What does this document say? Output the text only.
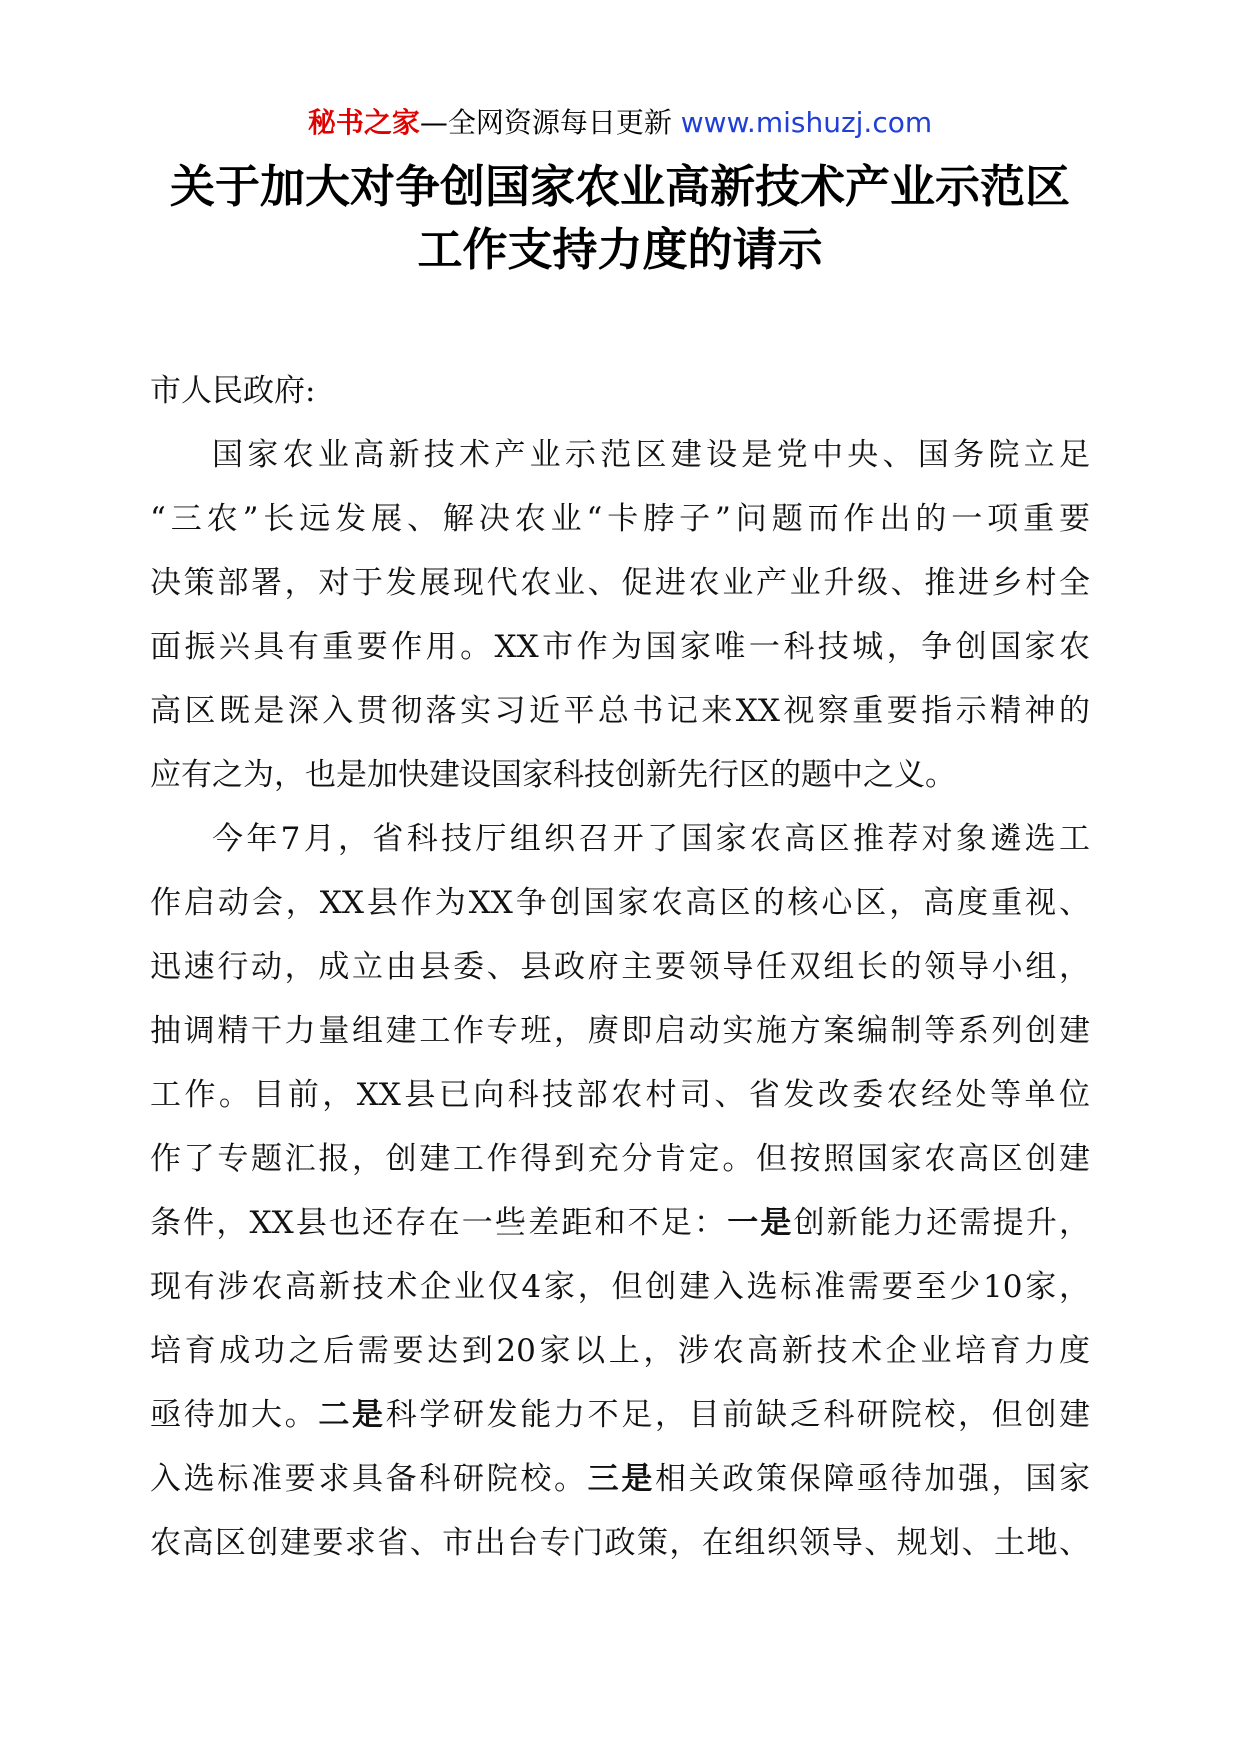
秘书之家—全网资源每日更新 www.mishuzj.com
关于加大对争创国家农业高新技术产业示范区
工作支持力度的请示
市人民政府:
国家农业高新技术产业示范区建设是党中央、国务院立足
“三农”长远发展、解决农业“卡脖子”问题而作出的一项重要
决策部署，对于发展现代农业、促进农业产业升级、推进乡村全
面振兴具有重要作用。XX市作为国家唯一科技城，争创国家农
高区既是深入贯彻落实习近平总书记来XX视察重要指示精神的
应有之为，也是加快建设国家科技创新先行区的题中之义。
今年7月，省科技厅组织召开了国家农高区推荐对象遴选工
作启动会，XX县作为XX争创国家农高区的核心区，高度重视、
迅速行动，成立由县委、县政府主要领导任双组长的领导小组，
抽调精干力量组建工作专班，赓即启动实施方案编制等系列创建
工作。目前，XX县已向科技部农村司、省发改委农经处等单位
作了专题汇报，创建工作得到充分肯定。但按照国家农高区创建
条件，XX县也还存在一些差距和不足：一是创新能力还需提升，
现有涉农高新技术企业仅4家，但创建入选标准需要至少10家，
培育成功之后需要达到20家以上，涉农高新技术企业培育力度
亟待加大。二是科学研发能力不足，目前缺乏科研院校，但创建
入选标准要求具备科研院校。三是相关政策保障亟待加强，国家
农高区创建要求省、市出台专门政策，在组织领导、规划、土地、
